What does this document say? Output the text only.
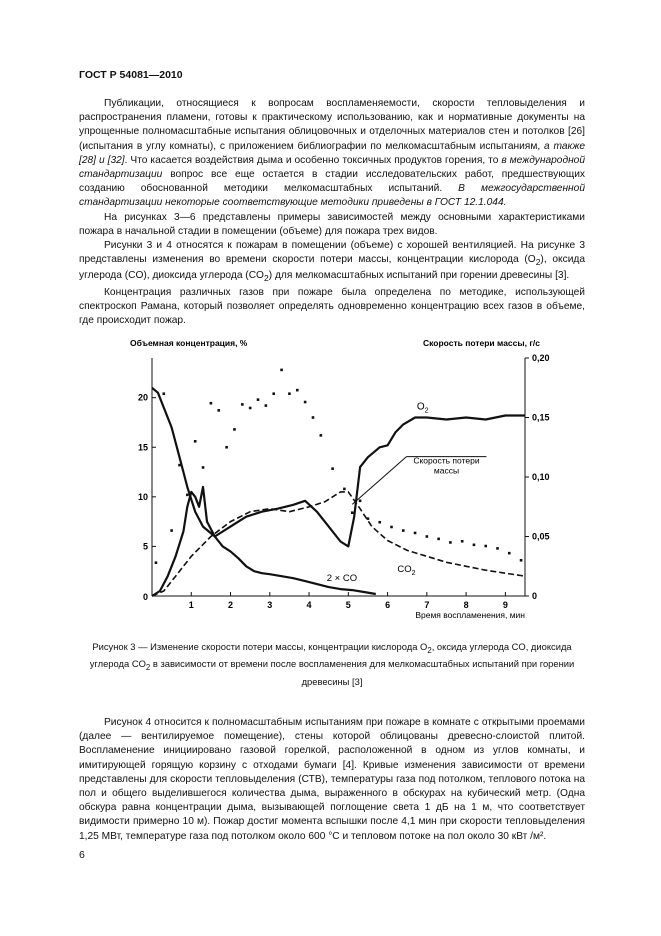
ГОСТ Р 54081—2010

Публикации, относящиеся к вопросам воспламеняемости, скорости тепловыделения и распространения пламени, готовы к практическому использованию, как и нормативные документы на упрощенные полномасштабные испытания облицовочных и отделочных материалов стен и потолков [26] (испытания в углу комнаты), с приложением библиографии по мелкомасштабным испытаниям, а также [28] и [32]. Что касается воздействия дыма и особенно токсичных продуктов горения, то в международной стандартизации вопрос все еще остается в стадии исследовательских работ, предшествующих созданию обоснованной методики мелкомасштабных испытаний. В межгосударственной стандартизации некоторые соответствующие методики приведены в ГОСТ 12.1.044.

На рисунках 3—6 представлены примеры зависимостей между основными характеристиками пожара в начальной стадии в помещении (объеме) для пожара трех видов.

Рисунки 3 и 4 относятся к пожарам в помещении (объеме) с хорошей вентиляцией. На рисунке 3 представлены изменения во времени скорости потери массы, концентрации кислорода $(O_2)$, оксида углерода (CO), диоксида углерода $(CO_2)$ для мелкомасштабных испытаний при горении древесины [3].

Концентрация различных газов при пожаре была определена по методике, использующей спектроскоп Рамана, который позволяет определять одновременно концентрацию всех газов в объеме, где происходит пожар.

Объемная концентрация, %	Скорость потери массы, г/с
Время воспламенения, мин
0
1	2	3	4	5	6	7	8	9
5
10
15
20
0
0,05
0,10
0,15
0,20
$O_2$
$CO_2$
2 × CO
Скорость потери
массы
Рисунок 3 — Изменение скорости потери массы, концентрации кислорода $O_2$, оксида углерода CO, диоксида углерода $CO_2$ в зависимости от времени после воспламенения для мелкомасштабных испытаний при горении древесины [3]

Рисунок 4 относится к полномасштабным испытаниям при пожаре в комнате с открытыми проемами (далее — вентилируемое помещение), стены которой облицованы древесно-слоистой плитой. Воспламенение инициировано газовой горелкой, расположенной в одном из углов комнаты, и имитирующей горящую корзину с отходами бумаги [4]. Кривые изменения зависимости от времени представлены для скорости тепловыделения (СТВ), температуры газа под потолком, теплового потока на пол и общего выделившегося количества дыма, выраженного в обскурах на кубический метр. (Одна обскура равна концентрации дыма, вызывающей поглощение света 1 дБ на 1 м, что соответствует видимости примерно 10 м). Пожар достиг момента вспышки после 4,1 мин при скорости тепловыделения 1,25 МВт, температуре газа под потолком около 600 °C и тепловом потоке на пол около 30 кВт /м².

6
